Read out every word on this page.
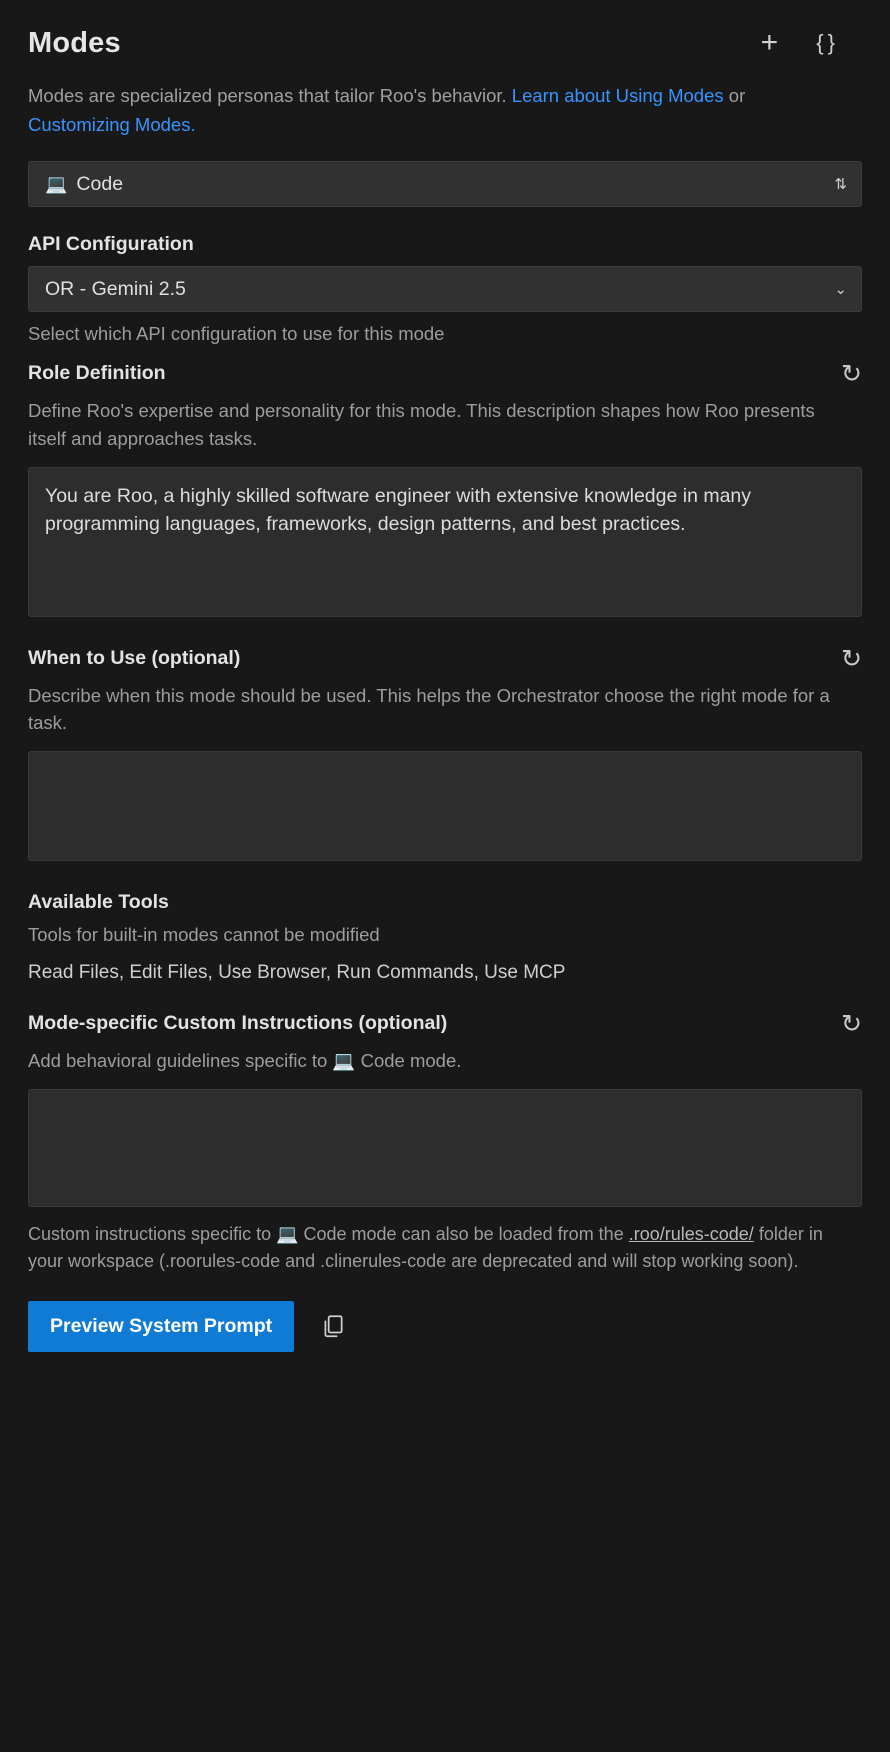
Modes	+ { }

Modes are specialized personas that tailor Roo's behavior. Learn about Using Modes or Customizing Modes.

💻 Code	⇅
API Configuration
OR - Gemini 2.5	⌄

Select which API configuration to use for this mode

Role Definition	↺

Define Roo's expertise and personality for this mode. This description shapes how Roo presents itself and approaches tasks.

You are Roo, a highly skilled software engineer with extensive knowledge in many programming languages, frameworks, design patterns, and best practices.
When to Use (optional)	↺

Describe when this mode should be used. This helps the Orchestrator choose the right mode for a task.

Available Tools

Tools for built-in modes cannot be modified

Read Files, Edit Files, Use Browser, Run Commands, Use MCP
Mode-specific Custom Instructions (optional)	↺

Add behavioral guidelines specific to 💻 Code mode.

Custom instructions specific to 💻 Code mode can also be loaded from the .roo/rules-code/ folder in your workspace (.roorules-code and .clinerules-code are deprecated and will stop working soon).

Preview System Prompt
